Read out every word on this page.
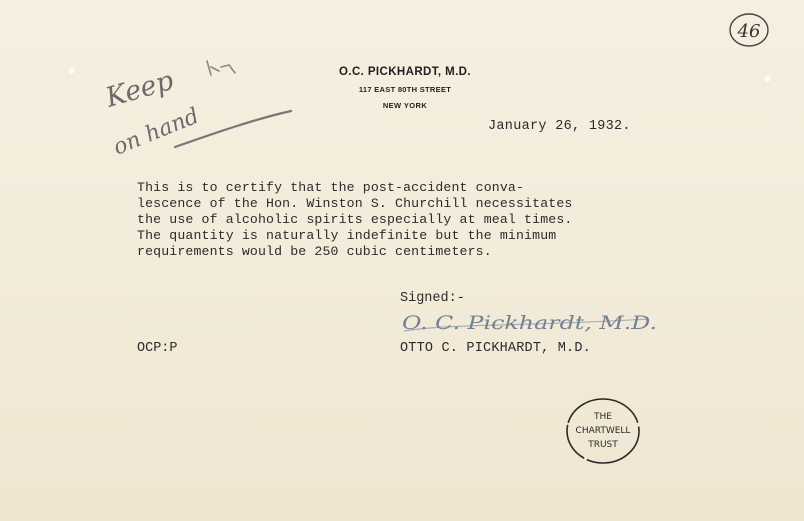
46
O.C. PICKHARDT, M.D.
117 EAST 80TH STREET
NEW YORK
Keep
on hand	January 26, 1932.
This is to certify that the post-accident conva-
lescence of the Hon. Winston S. Churchill necessitates
the use of alcoholic spirits especially at meal times.
The quantity is naturally indefinite but the minimum
requirements would be 250 cubic centimeters.
Signed:-
O. C. Pickhardt, M.D.
OCP:P	OTTO C. PICKHARDT, M.D.
THE
CHARTWELL
TRUST
